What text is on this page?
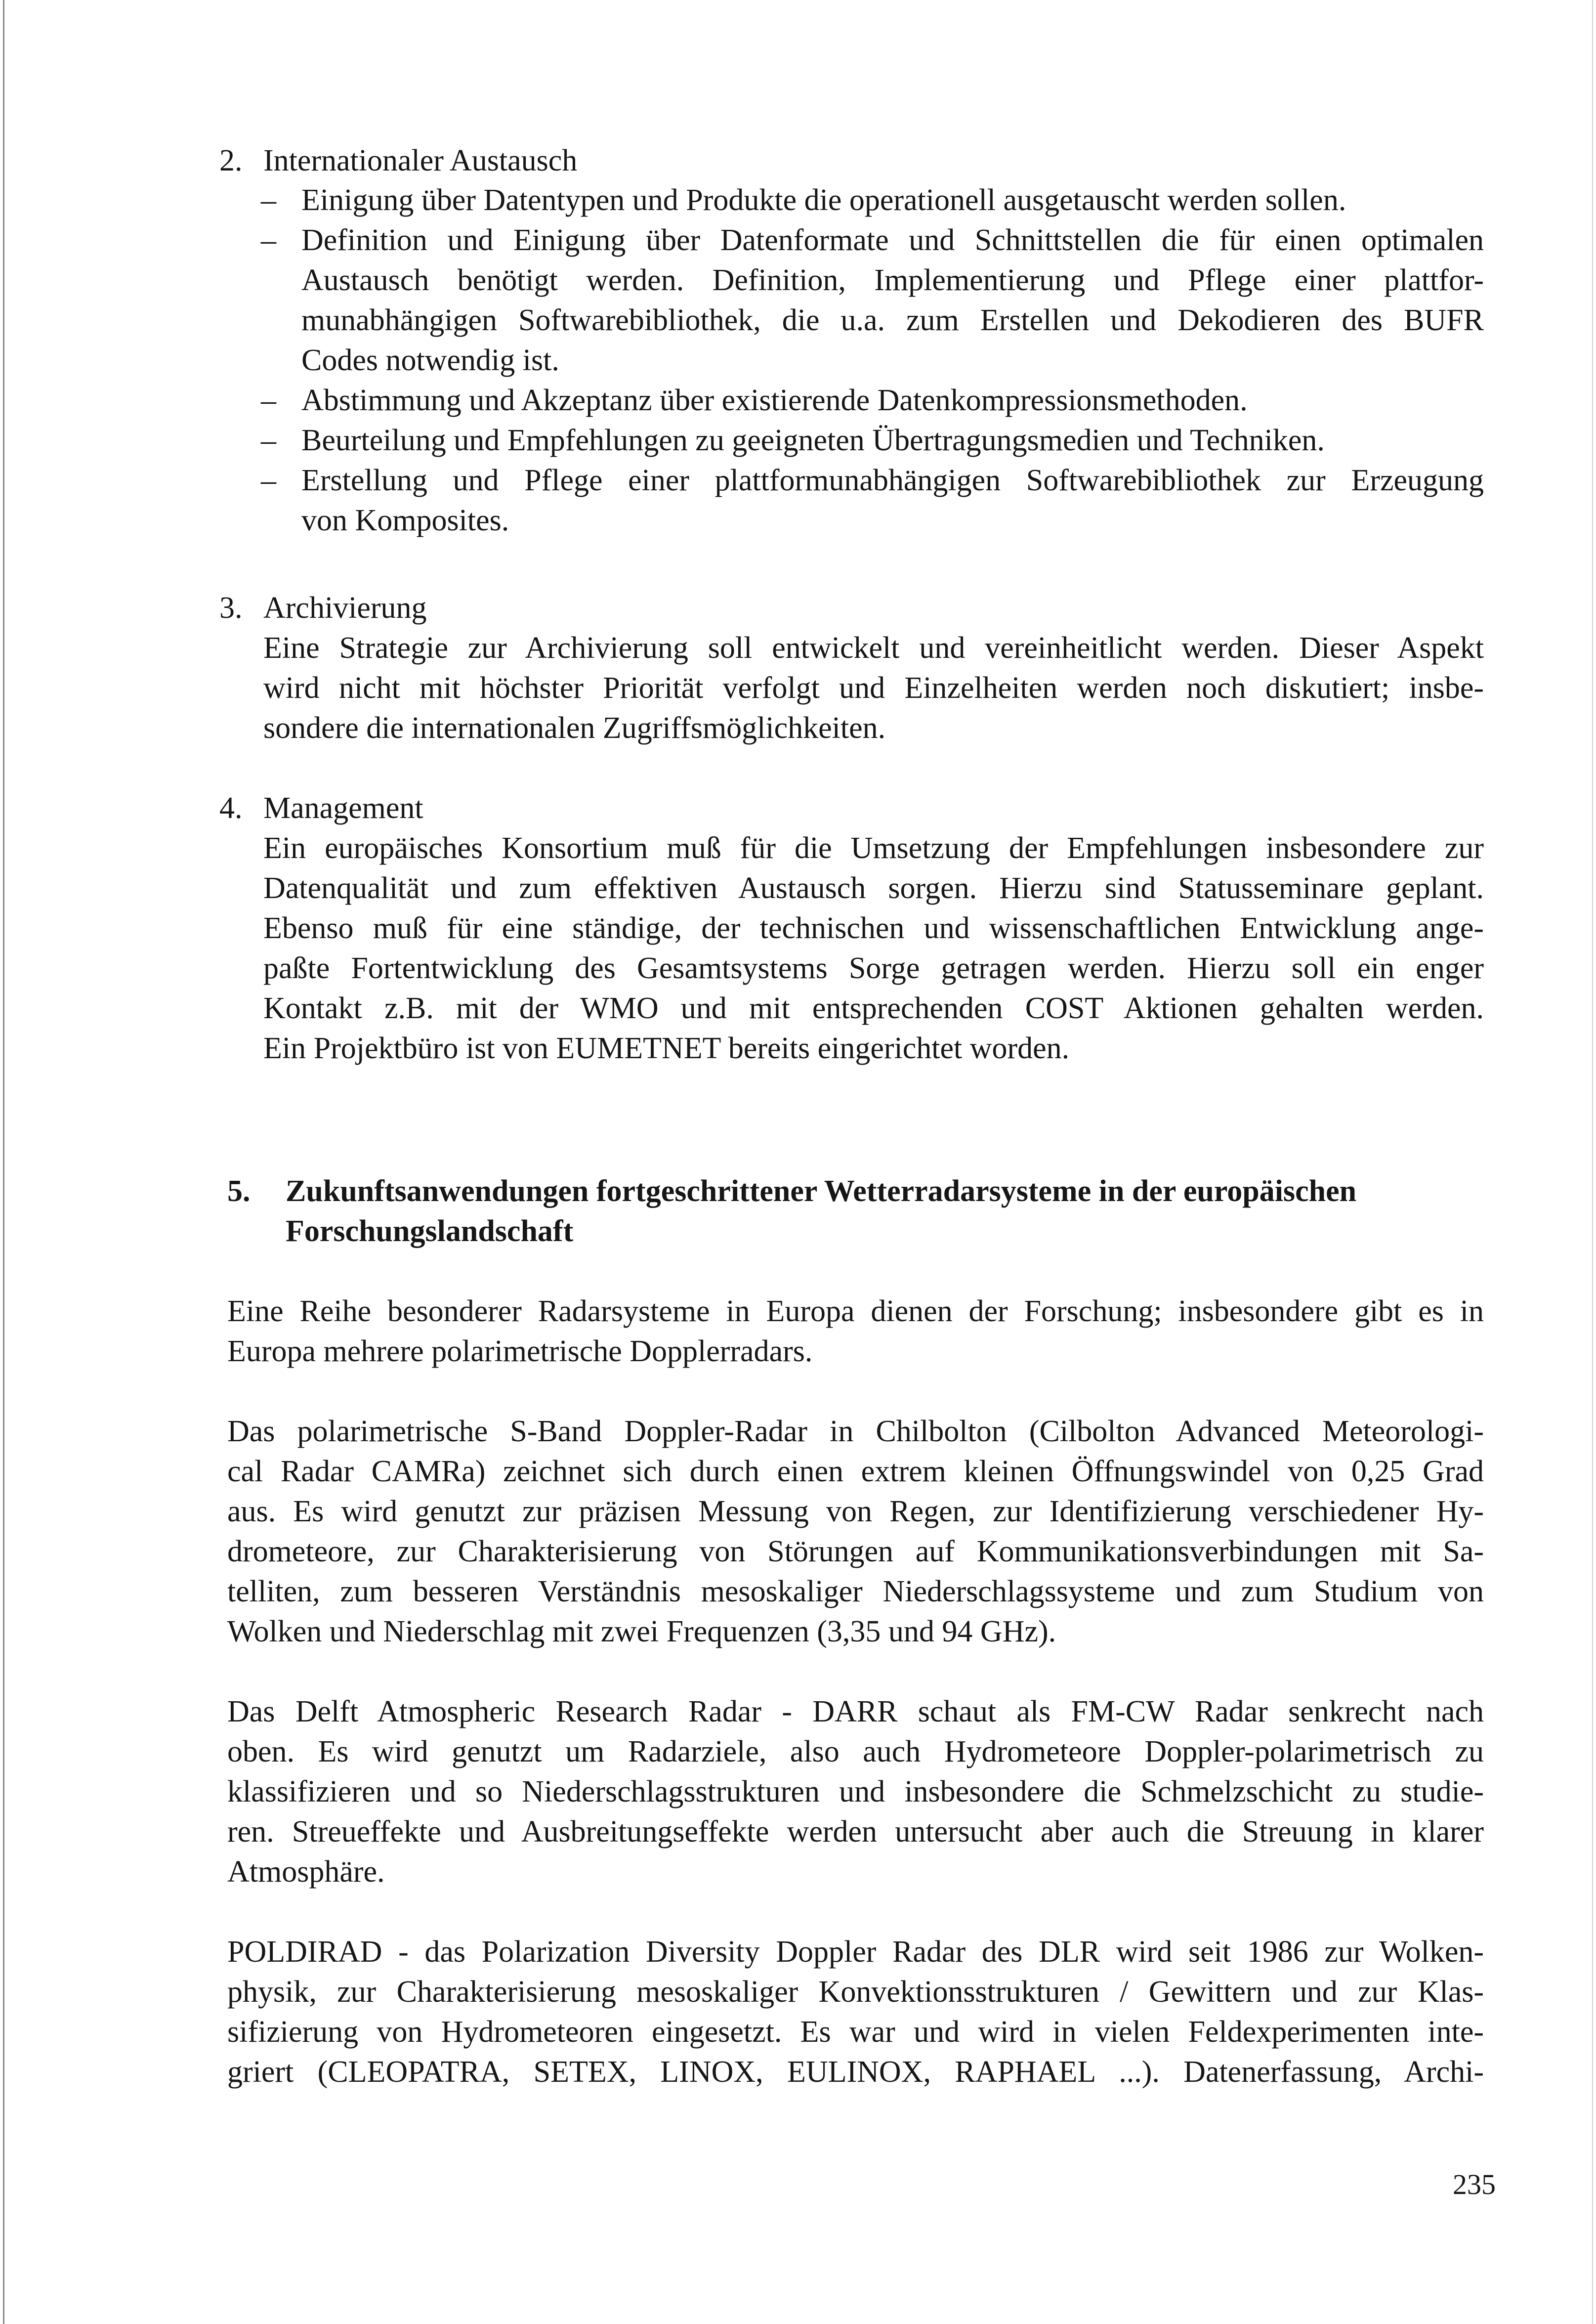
2. Internationaler Austausch

– Einigung über Datentypen und Produkte die operationell ausgetauscht werden sollen.

– Definition und Einigung über Datenformate und Schnittstellen die für einen optimalen

Austausch benötigt werden. Definition, Implementierung und Pflege einer plattfor-

munabhängigen Softwarebibliothek, die u.a. zum Erstellen und Dekodieren des BUFR

Codes notwendig ist.

– Abstimmung und Akzeptanz über existierende Datenkompressionsmethoden.

– Beurteilung und Empfehlungen zu geeigneten Übertragungsmedien und Techniken.

– Erstellung und Pflege einer plattformunabhängigen Softwarebibliothek zur Erzeugung

von Komposites.

3. Archivierung

Eine Strategie zur Archivierung soll entwickelt und vereinheitlicht werden. Dieser Aspekt

wird nicht mit höchster Priorität verfolgt und Einzelheiten werden noch diskutiert; insbe-

sondere die internationalen Zugriffsmöglichkeiten.

4. Management

Ein europäisches Konsortium muß für die Umsetzung der Empfehlungen insbesondere zur

Datenqualität und zum effektiven Austausch sorgen. Hierzu sind Statusseminare geplant.

Ebenso muß für eine ständige, der technischen und wissenschaftlichen Entwicklung ange-

paßte Fortentwicklung des Gesamtsystems Sorge getragen werden. Hierzu soll ein enger

Kontakt z.B. mit der WMO und mit entsprechenden COST Aktionen gehalten werden.

Ein Projektbüro ist von EUMETNET bereits eingerichtet worden.

5. Zukunftsanwendungen fortgeschrittener Wetterradarsysteme in der europäischen

Forschungslandschaft

Eine Reihe besonderer Radarsysteme in Europa dienen der Forschung; insbesondere gibt es in

Europa mehrere polarimetrische Dopplerradars.

Das polarimetrische S-Band Doppler-Radar in Chilbolton (Cilbolton Advanced Meteorologi-

cal Radar CAMRa) zeichnet sich durch einen extrem kleinen Öffnungswindel von 0,25 Grad

aus. Es wird genutzt zur präzisen Messung von Regen, zur Identifizierung verschiedener Hy-

drometeore, zur Charakterisierung von Störungen auf Kommunikationsverbindungen mit Sa-

telliten, zum besseren Verständnis mesoskaliger Niederschlagssysteme und zum Studium von

Wolken und Niederschlag mit zwei Frequenzen (3,35 und 94 GHz).

Das Delft Atmospheric Research Radar - DARR schaut als FM-CW Radar senkrecht nach

oben. Es wird genutzt um Radarziele, also auch Hydrometeore Doppler-polarimetrisch zu

klassifizieren und so Niederschlagsstrukturen und insbesondere die Schmelzschicht zu studie-

ren. Streueffekte und Ausbreitungseffekte werden untersucht aber auch die Streuung in klarer

Atmosphäre.

POLDIRAD - das Polarization Diversity Doppler Radar des DLR wird seit 1986 zur Wolken-

physik, zur Charakterisierung mesoskaliger Konvektionsstrukturen / Gewittern und zur Klas-

sifizierung von Hydrometeoren eingesetzt. Es war und wird in vielen Feldexperimenten inte-

griert (CLEOPATRA, SETEX, LINOX, EULINOX, RAPHAEL ...). Datenerfassung, Archi-

235
